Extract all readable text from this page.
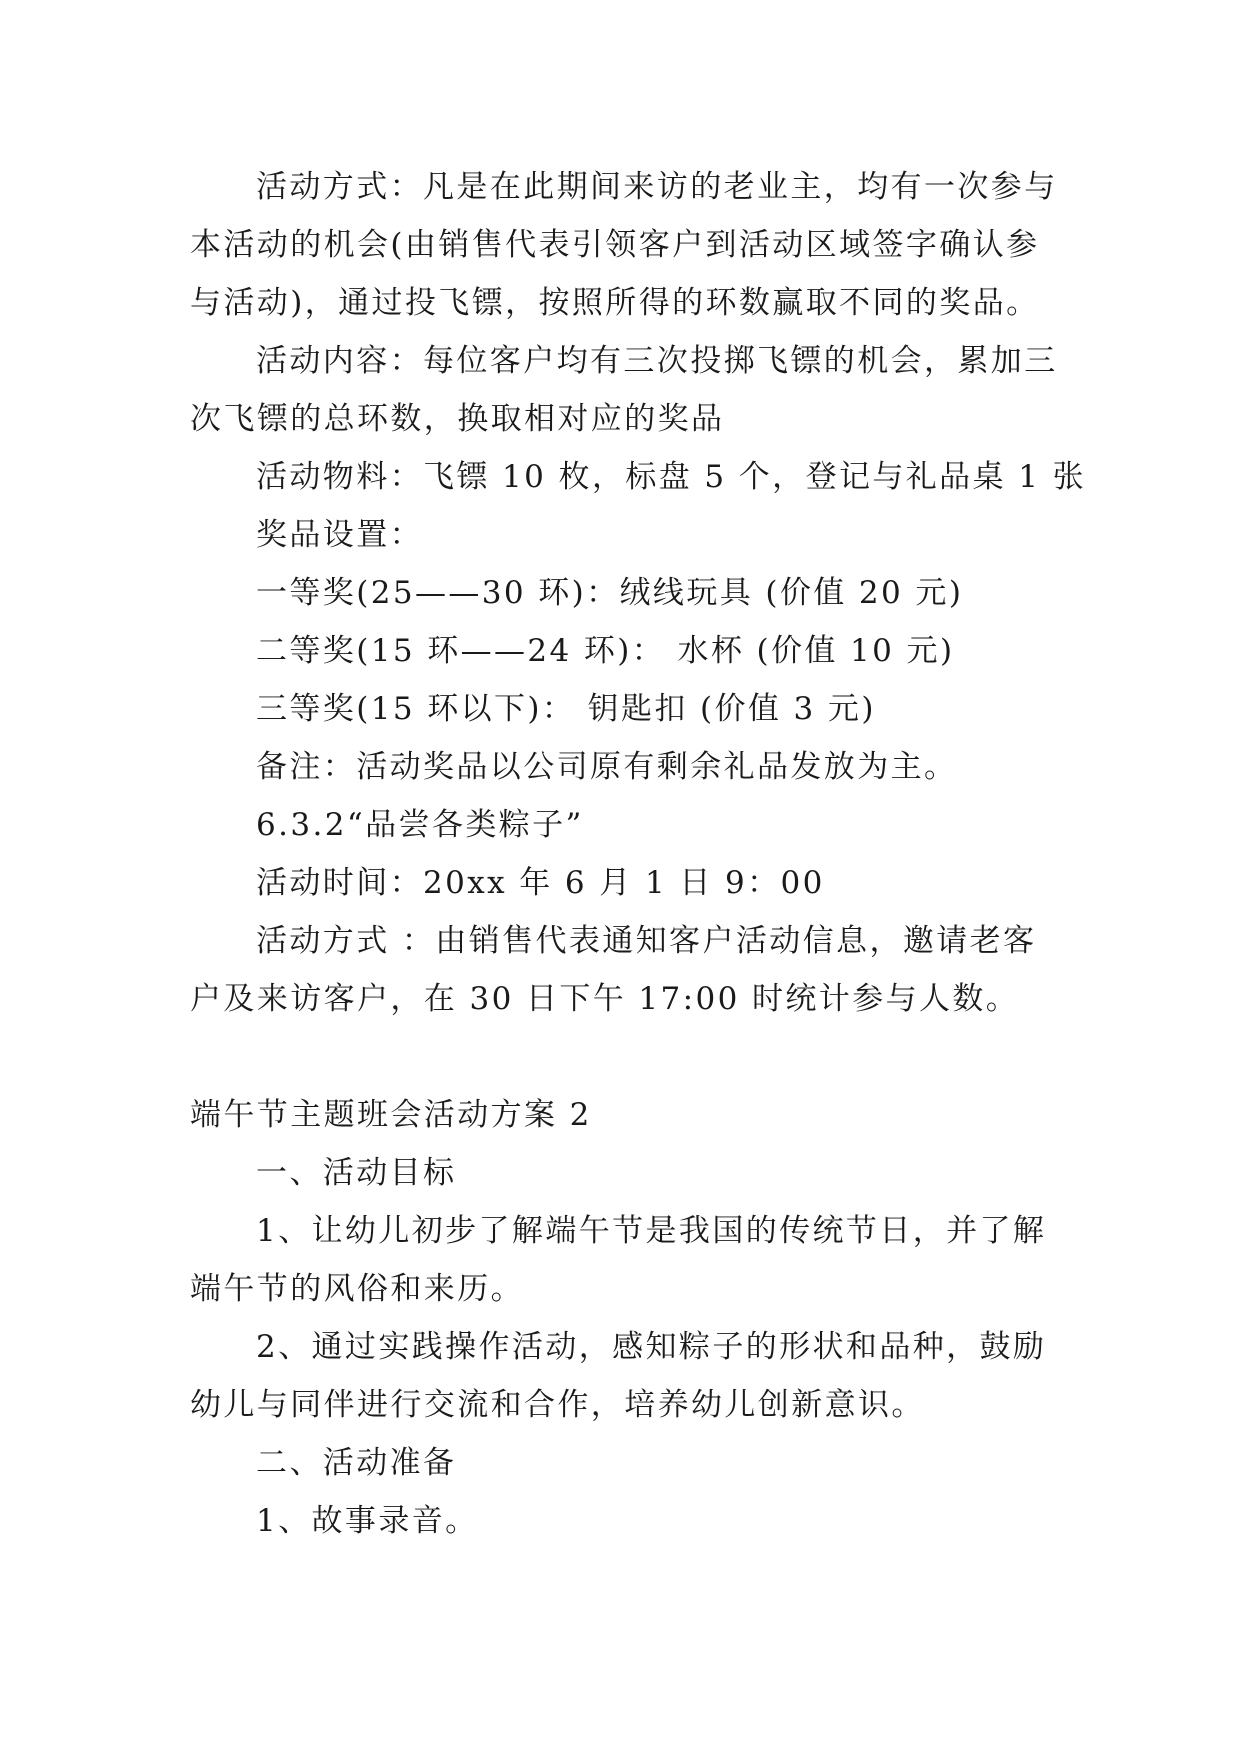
活动方式：凡是在此期间来访的老业主，均有一次参与
本活动的机会(由销售代表引领客户到活动区域签字确认参
与活动)，通过投飞镖，按照所得的环数赢取不同的奖品。
活动内容：每位客户均有三次投掷飞镖的机会，累加三
次飞镖的总环数，换取相对应的奖品
活动物料：飞镖 10 枚，标盘 5 个，登记与礼品桌 1 张
奖品设置：
一等奖(25——30 环)：绒线玩具 (价值 20 元)
二等奖(15 环——24 环)： 水杯 (价值 10 元)
三等奖(15 环以下)： 钥匙扣 (价值 3 元)
备注：活动奖品以公司原有剩余礼品发放为主。
6.3.2“品尝各类粽子”
活动时间：20xx 年 6 月 1 日 9：00
活动方式 ：由销售代表通知客户活动信息，邀请老客
户及来访客户，在 30 日下午 17:00 时统计参与人数。
端午节主题班会活动方案 2
一、活动目标
1、让幼儿初步了解端午节是我国的传统节日，并了解
端午节的风俗和来历。
2、通过实践操作活动，感知粽子的形状和品种，鼓励
幼儿与同伴进行交流和合作，培养幼儿创新意识。
二、活动准备
1、故事录音。
